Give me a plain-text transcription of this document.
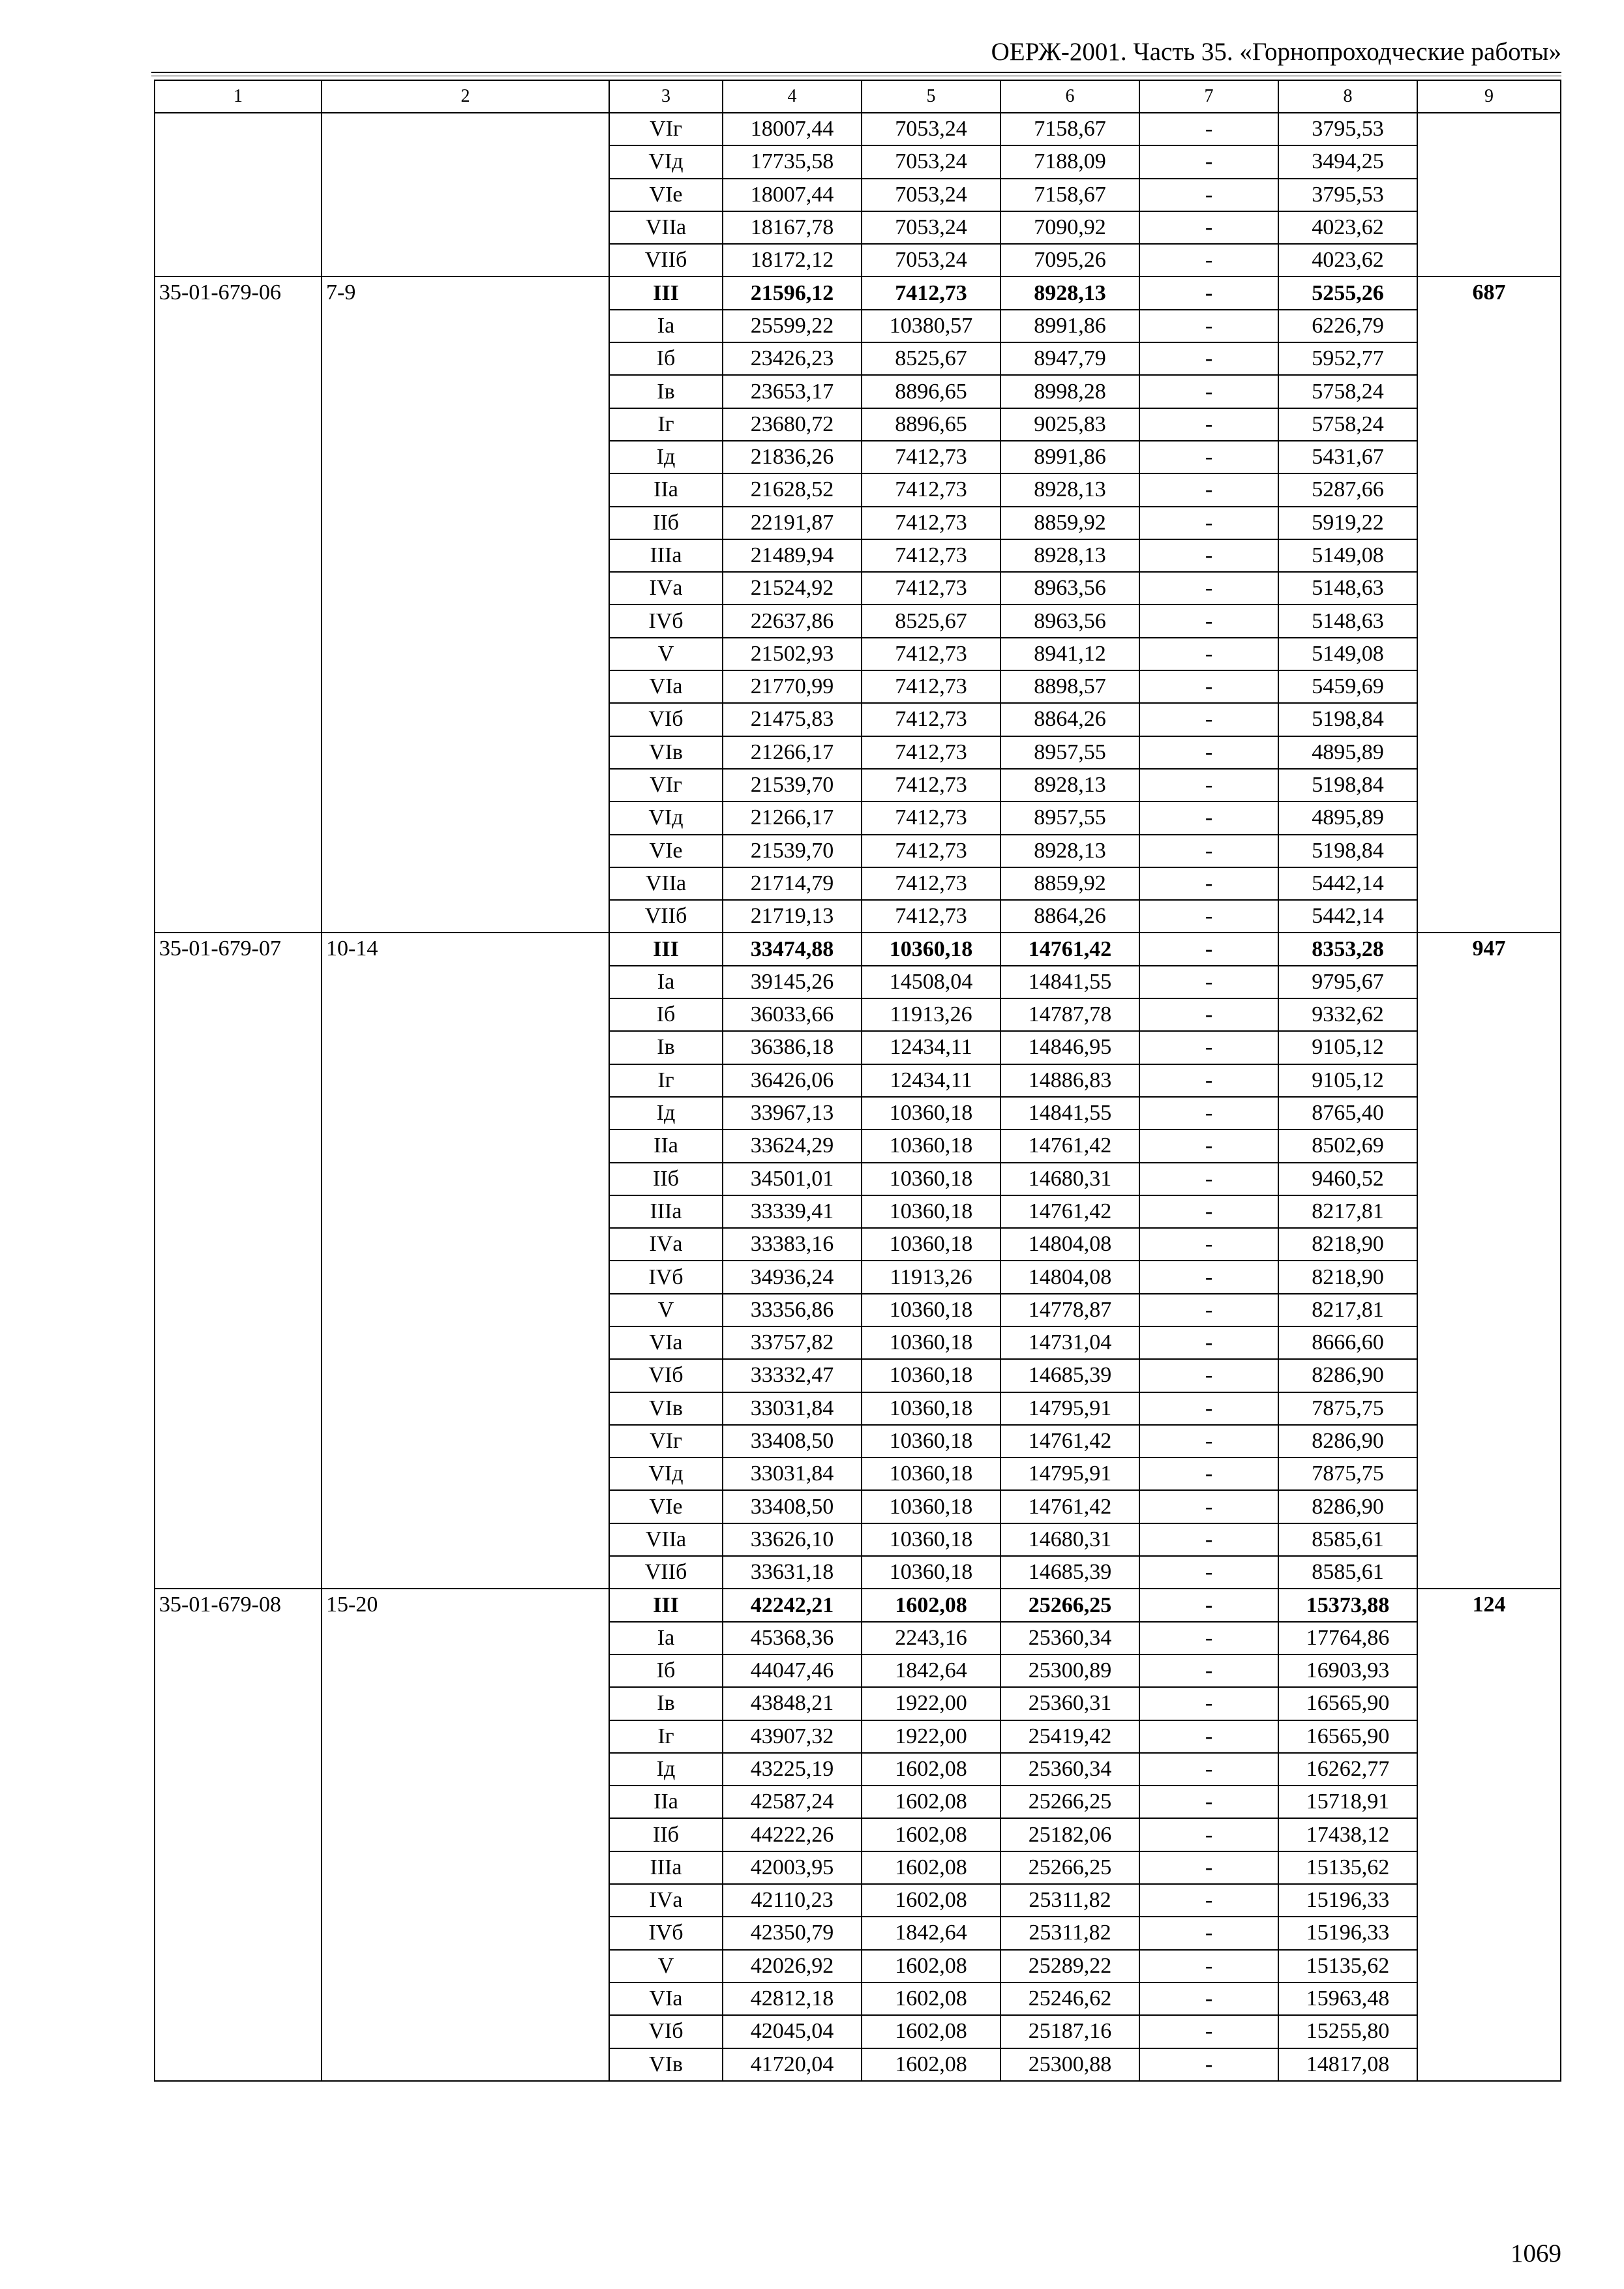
ОЕРЖ-2001. Часть 35. «Горнопроходческие работы»
1	2	3	4	5	6	7	8	9
		VIг	18007,44	7053,24	7158,67	-	3795,53	
		VIд	17735,58	7053,24	7188,09	-	3494,25	
		VIе	18007,44	7053,24	7158,67	-	3795,53	
		VIIа	18167,78	7053,24	7090,92	-	4023,62	
		VIIб	18172,12	7053,24	7095,26	-	4023,62	
35-01-679-06	7-9	III	21596,12	7412,73	8928,13	-	5255,26	687
		Iа	25599,22	10380,57	8991,86	-	6226,79	
		Iб	23426,23	8525,67	8947,79	-	5952,77	
		Iв	23653,17	8896,65	8998,28	-	5758,24	
		Iг	23680,72	8896,65	9025,83	-	5758,24	
		Iд	21836,26	7412,73	8991,86	-	5431,67	
		IIа	21628,52	7412,73	8928,13	-	5287,66	
		IIб	22191,87	7412,73	8859,92	-	5919,22	
		IIIа	21489,94	7412,73	8928,13	-	5149,08	
		IVа	21524,92	7412,73	8963,56	-	5148,63	
		IVб	22637,86	8525,67	8963,56	-	5148,63	
		V	21502,93	7412,73	8941,12	-	5149,08	
		VIа	21770,99	7412,73	8898,57	-	5459,69	
		VIб	21475,83	7412,73	8864,26	-	5198,84	
		VIв	21266,17	7412,73	8957,55	-	4895,89	
		VIг	21539,70	7412,73	8928,13	-	5198,84	
		VIд	21266,17	7412,73	8957,55	-	4895,89	
		VIе	21539,70	7412,73	8928,13	-	5198,84	
		VIIа	21714,79	7412,73	8859,92	-	5442,14	
		VIIб	21719,13	7412,73	8864,26	-	5442,14	
35-01-679-07	10-14	III	33474,88	10360,18	14761,42	-	8353,28	947
		Iа	39145,26	14508,04	14841,55	-	9795,67	
		Iб	36033,66	11913,26	14787,78	-	9332,62	
		Iв	36386,18	12434,11	14846,95	-	9105,12	
		Iг	36426,06	12434,11	14886,83	-	9105,12	
		Iд	33967,13	10360,18	14841,55	-	8765,40	
		IIа	33624,29	10360,18	14761,42	-	8502,69	
		IIб	34501,01	10360,18	14680,31	-	9460,52	
		IIIа	33339,41	10360,18	14761,42	-	8217,81	
		IVа	33383,16	10360,18	14804,08	-	8218,90	
		IVб	34936,24	11913,26	14804,08	-	8218,90	
		V	33356,86	10360,18	14778,87	-	8217,81	
		VIа	33757,82	10360,18	14731,04	-	8666,60	
		VIб	33332,47	10360,18	14685,39	-	8286,90	
		VIв	33031,84	10360,18	14795,91	-	7875,75	
		VIг	33408,50	10360,18	14761,42	-	8286,90	
		VIд	33031,84	10360,18	14795,91	-	7875,75	
		VIе	33408,50	10360,18	14761,42	-	8286,90	
		VIIа	33626,10	10360,18	14680,31	-	8585,61	
		VIIб	33631,18	10360,18	14685,39	-	8585,61	
35-01-679-08	15-20	III	42242,21	1602,08	25266,25	-	15373,88	124
		Iа	45368,36	2243,16	25360,34	-	17764,86	
		Iб	44047,46	1842,64	25300,89	-	16903,93	
		Iв	43848,21	1922,00	25360,31	-	16565,90	
		Iг	43907,32	1922,00	25419,42	-	16565,90	
		Iд	43225,19	1602,08	25360,34	-	16262,77	
		IIа	42587,24	1602,08	25266,25	-	15718,91	
		IIб	44222,26	1602,08	25182,06	-	17438,12	
		IIIа	42003,95	1602,08	25266,25	-	15135,62	
		IVа	42110,23	1602,08	25311,82	-	15196,33	
		IVб	42350,79	1842,64	25311,82	-	15196,33	
		V	42026,92	1602,08	25289,22	-	15135,62	
		VIа	42812,18	1602,08	25246,62	-	15963,48	
		VIб	42045,04	1602,08	25187,16	-	15255,80	
		VIв	41720,04	1602,08	25300,88	-	14817,08	
1069
